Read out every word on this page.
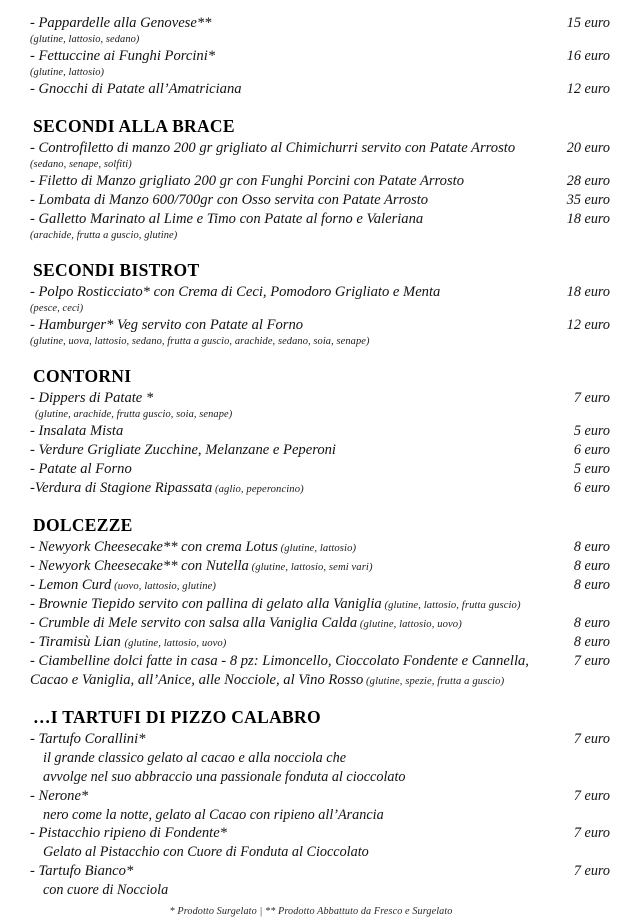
- Pappardelle alla Genovese**	15 euro
(glutine, lattosio, sedano)
- Fettuccine ai Funghi Porcini*	16 euro
(glutine, lattosio)
- Gnocchi di Patate all’Amatriciana	12 euro
SECONDI ALLA BRACE
- Controfiletto di manzo 200 gr grigliato al Chimichurri servito con Patate Arrosto	20 euro
(sedano, senape, solfiti)
- Filetto di Manzo grigliato 200 gr con Funghi Porcini con Patate Arrosto	28 euro
- Lombata di Manzo 600/700gr con Osso servita con Patate Arrosto	35 euro
- Galletto Marinato al Lime e Timo con Patate al forno e Valeriana	18 euro
(arachide, frutta a guscio, glutine)
SECONDI BISTROT
- Polpo Rosticciato* con Crema di Ceci, Pomodoro Grigliato e Menta	18 euro
(pesce, ceci)
- Hamburger* Veg servito con Patate al Forno	12 euro
(glutine, uova, lattosio, sedano, frutta a guscio, arachide, sedano, soia, senape)
CONTORNI
- Dippers di Patate *	7 euro
(glutine, arachide, frutta guscio, soia, senape)
- Insalata Mista	5 euro
- Verdure Grigliate Zucchine, Melanzane e Peperoni	6 euro
- Patate al Forno	5 euro
-Verdura di Stagione Ripassata (aglio, peperoncino)	6 euro
DOLCEZZE
- Newyork Cheesecake** con crema Lotus (glutine, lattosio)	8 euro
- Newyork Cheesecake** con Nutella (glutine, lattosio, semi vari)	8 euro
- Lemon Curd (uovo, lattosio, glutine)	8 euro
- Brownie Tiepido servito con pallina di gelato alla Vaniglia (glutine, lattosio, frutta guscio)
- Crumble di Mele servito con salsa alla Vaniglia Calda (glutine, lattosio, uovo)	8 euro
- Tiramisù Lian (glutine, lattosio, uovo)	8 euro
- Ciambelline dolci fatte in casa - 8 pz: Limoncello, Cioccolato Fondente e Cannella,	7 euro
Cacao e Vaniglia, all’Anice, alle Nocciole, al Vino Rosso (glutine, spezie, frutta a guscio)
…I TARTUFI DI PIZZO CALABRO
- Tartufo Corallini*	7 euro
il grande classico gelato al cacao e alla nocciola che
avvolge nel suo abbraccio una passionale fonduta al cioccolato
- Nerone*	7 euro
nero come la notte, gelato al Cacao con ripieno all’Arancia
- Pistacchio ripieno di Fondente*	7 euro
Gelato al Pistacchio con Cuore di Fonduta al Cioccolato
- Tartufo Bianco*	7 euro
con cuore di Nocciola
* Prodotto Surgelato | ** Prodotto Abbattuto da Fresco e Surgelato
